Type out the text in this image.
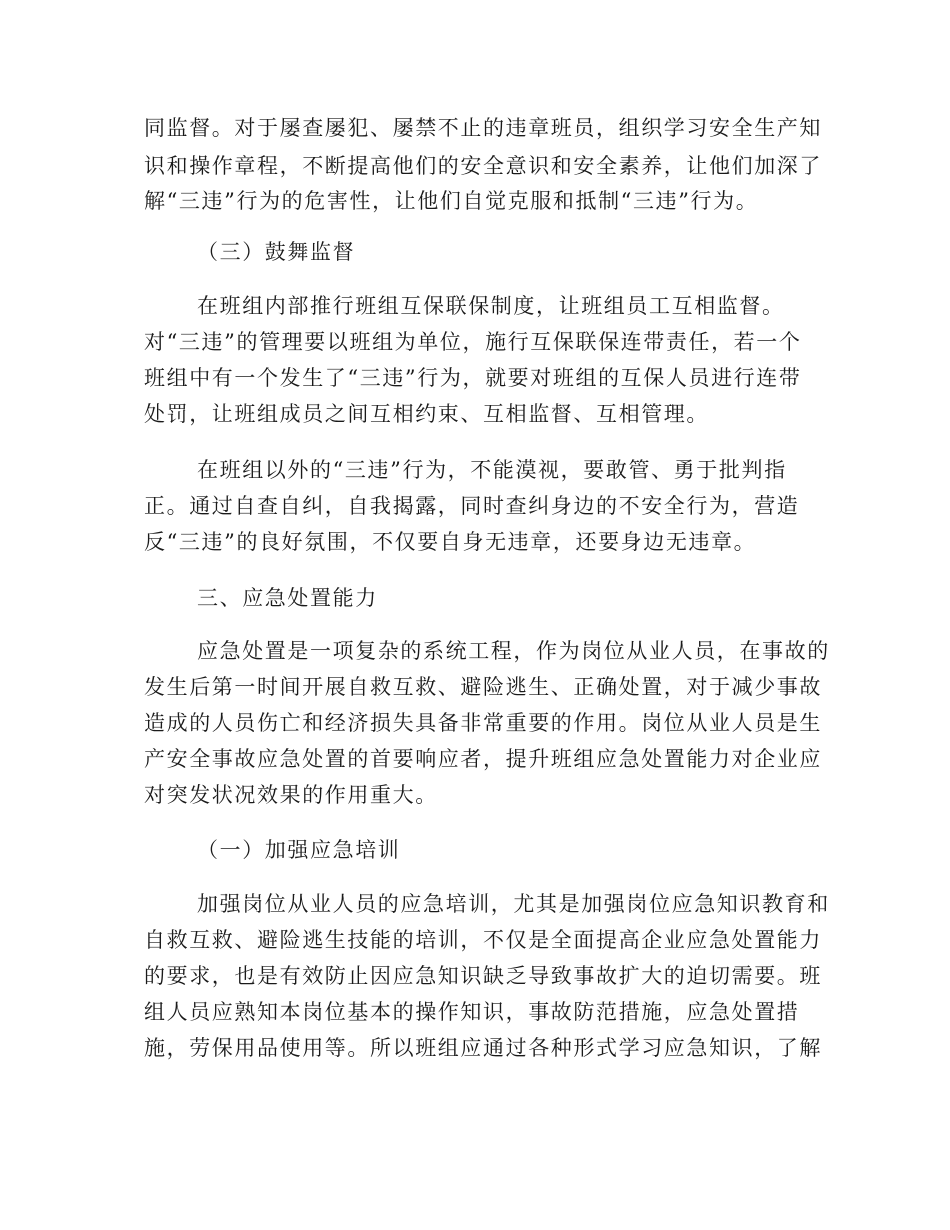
同监督。对于屡查屡犯、屡禁不止的违章班员，组织学习安全生产知
识和操作章程，不断提高他们的安全意识和安全素养，让他们加深了
解“三违”行为的危害性，让他们自觉克服和抵制“三违”行为。
（三）鼓舞监督
在班组内部推行班组互保联保制度，让班组员工互相监督。
对“三违”的管理要以班组为单位，施行互保联保连带责任，若一个
班组中有一个发生了“三违”行为，就要对班组的互保人员进行连带
处罚，让班组成员之间互相约束、互相监督、互相管理。
在班组以外的“三违”行为，不能漠视，要敢管、勇于批判指
正。通过自查自纠，自我揭露，同时查纠身边的不安全行为，营造
反“三违”的良好氛围，不仅要自身无违章，还要身边无违章。
三、应急处置能力
应急处置是一项复杂的系统工程，作为岗位从业人员，在事故的
发生后第一时间开展自救互救、避险逃生、正确处置，对于减少事故
造成的人员伤亡和经济损失具备非常重要的作用。岗位从业人员是生
产安全事故应急处置的首要响应者，提升班组应急处置能力对企业应
对突发状况效果的作用重大。
（一）加强应急培训
加强岗位从业人员的应急培训，尤其是加强岗位应急知识教育和
自救互救、避险逃生技能的培训，不仅是全面提高企业应急处置能力
的要求，也是有效防止因应急知识缺乏导致事故扩大的迫切需要。班
组人员应熟知本岗位基本的操作知识，事故防范措施，应急处置措
施，劳保用品使用等。所以班组应通过各种形式学习应急知识，了解
